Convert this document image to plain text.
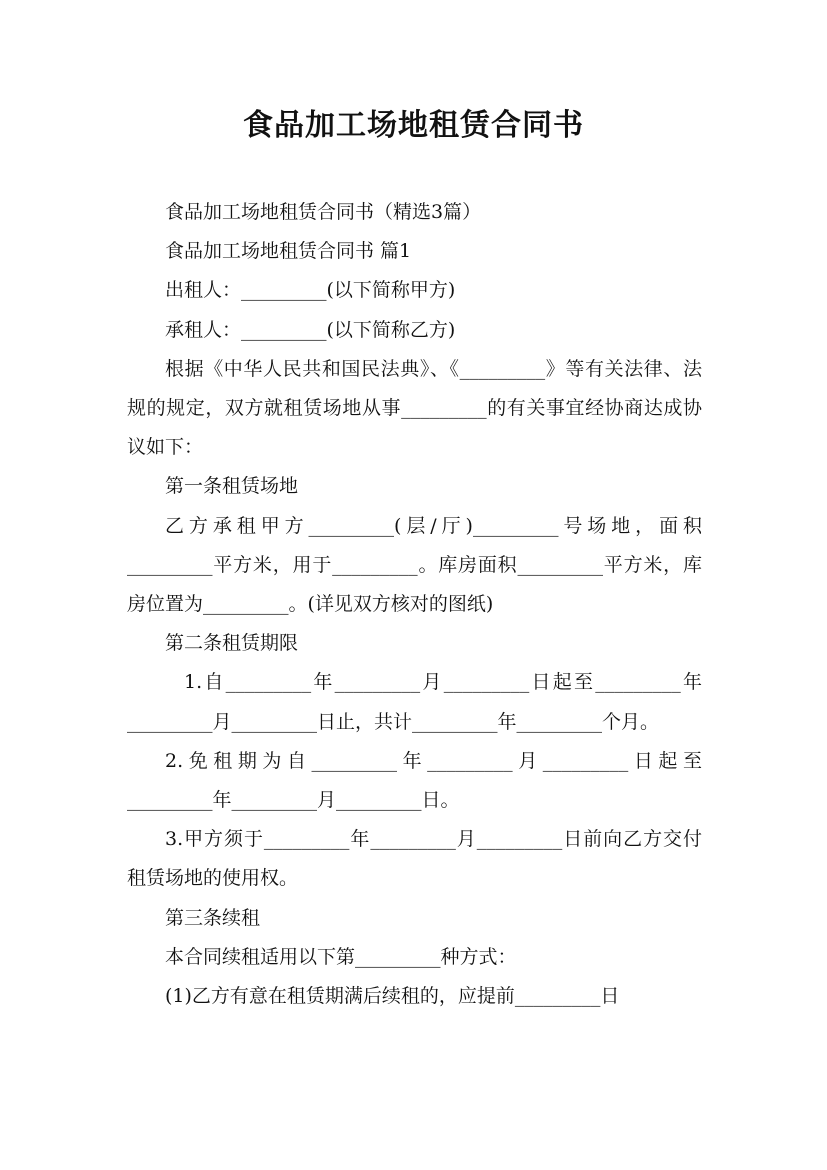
食品加工场地租赁合同书

食品加工场地租赁合同书（精选3篇）

食品加工场地租赁合同书 篇1

出租人：_________(以下简称甲方)

承租人：_________(以下简称乙方)

根据《中华人民共和国民法典》、《_________》等有关法律、法规的规定，双方就租赁场地从事_________的有关事宜经协商达成协议如下：

第一条租赁场地

乙方承租甲方_________(层/厅)_________号场地，面积_________平方米，用于_________。库房面积_________平方米，库房位置为_________。(详见双方核对的图纸)

第二条租赁期限

1.自_________年_________月_________日起至_________年_________月_________日止，共计_________年_________个月。

2.免租期为自_________年_________月_________日起至_________年_________月_________日。

3.甲方须于_________年_________月_________日前向乙方交付租赁场地的使用权。

第三条续租

本合同续租适用以下第_________种方式：

(1)乙方有意在租赁期满后续租的，应提前_________日
